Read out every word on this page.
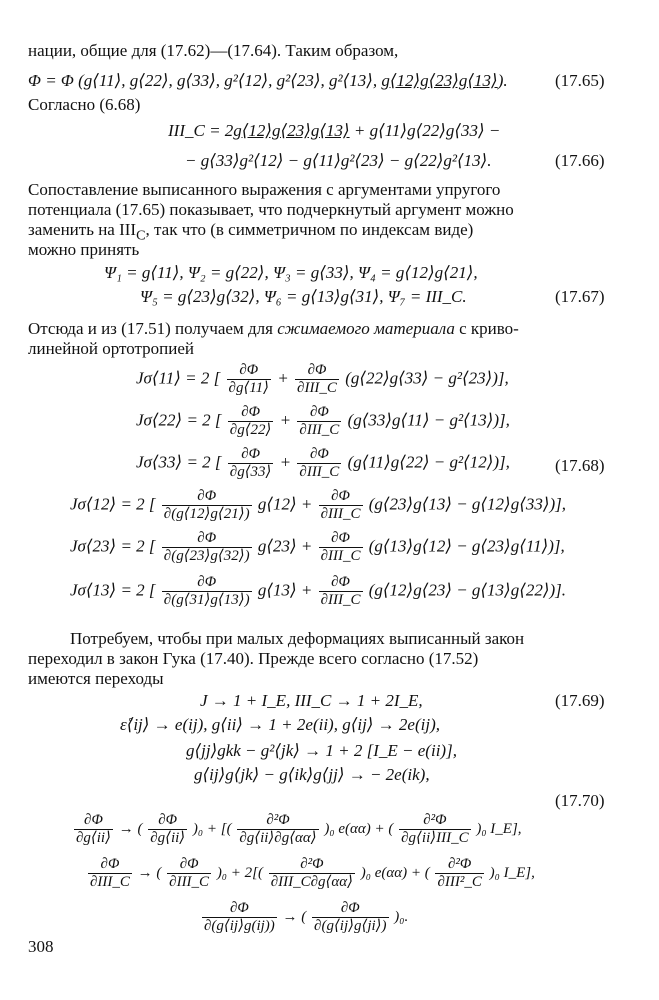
нации, общие для (17.62)—(17.64). Таким образом,
Φ = Φ (g⟨11⟩, g⟨22⟩, g⟨33⟩, g²⟨12⟩, g²⟨23⟩, g²⟨13⟩, g⟨12⟩g⟨23⟩g⟨13⟩).	(17.65)
Согласно (6.68)
III_C = 2g⟨12⟩g⟨23⟩g⟨13⟩ + g⟨11⟩g⟨22⟩g⟨33⟩ −
− g⟨33⟩g²⟨12⟩ − g⟨11⟩g²⟨23⟩ − g⟨22⟩g²⟨13⟩.	(17.66)
Сопоставление выписанного выражения с аргументами упругого
потенциала (17.65) показывает, что подчеркнутый аргумент можно
заменить на $III_C$, так что (в симметричном по индексам виде)
можно принять
Ψ₁ = g⟨11⟩, Ψ₂ = g⟨22⟩, Ψ₃ = g⟨33⟩, Ψ₄ = g⟨12⟩g⟨21⟩,
Ψ₅ = g⟨23⟩g⟨32⟩, Ψ₆ = g⟨13⟩g⟨31⟩, Ψ₇ = III_C.	(17.67)
Отсюда и из (17.51) получаем для сжимаемого материала с криво-
линейной ортотропией
Jσ⟨11⟩ = 2 [ $\frac{\partial\Phi}{\partial g⟨11⟩} + \frac{\partial\Phi}{\text{∂III\_C}}$ (g⟨22⟩g⟨33⟩ − g²⟨23⟩)],
Jσ⟨22⟩ = 2 [ $\frac{\partial\Phi}{\partial g⟨22⟩} + \frac{\partial\Phi}{\text{∂III\_C}}$ (g⟨33⟩g⟨11⟩ − g²⟨13⟩)],
Jσ⟨33⟩ = 2 [ $\frac{\partial\Phi}{\partial g⟨33⟩} + \frac{\partial\Phi}{\text{∂III\_C}}$ (g⟨11⟩g⟨22⟩ − g²⟨12⟩)],	(17.68)
Jσ⟨12⟩ = 2 [ $\frac{\partial\Phi}{\partial(g⟨12⟩g⟨21⟩)}$ g⟨12⟩ + $\frac{\partial\Phi}{\text{∂III\_C}}$ (g⟨23⟩g⟨13⟩ − g⟨12⟩g⟨33⟩)],
Jσ⟨23⟩ = 2 [ $\frac{\partial\Phi}{\partial(g⟨23⟩g⟨32⟩)}$ g⟨23⟩ + $\frac{\partial\Phi}{\text{∂III\_C}}$ (g⟨13⟩g⟨12⟩ − g⟨23⟩g⟨11⟩)],
Jσ⟨13⟩ = 2 [ $\frac{\partial\Phi}{\partial(g⟨31⟩g⟨13⟩)}$ g⟨13⟩ + $\frac{\partial\Phi}{\text{∂III\_C}}$ (g⟨12⟩g⟨23⟩ − g⟨13⟩g⟨22⟩)].
Потребуем, чтобы при малых деформациях выписанный закон
переходил в закон Гука (17.40). Прежде всего согласно (17.52)
имеются переходы
J → 1 + I_E, III_C → 1 + 2I_E,	(17.69)
ε̊⟨ij⟩ → e(ij), g⟨ii⟩ → 1 + 2e(ii), g⟨ij⟩ → 2e(ij),
g⟨jj⟩gkk − g²⟨jk⟩ → 1 + 2 [I_E − e(ii)],
g⟨ij⟩g⟨jk⟩ − g⟨ik⟩g⟨jj⟩ → − 2e(ik),
(17.70)
$\frac{\partial\Phi}{\partial g⟨ii⟩}$ → ( $\frac{\partial\Phi}{\partial g⟨ii⟩} )_0$ + [( $\frac{\text{∂²Φ}}{\partial g⟨ii⟩\partial g⟨\alpha\alpha⟩} )_0$ e(αα) + ( $\frac{\text{∂²Φ}}{\text{∂g⟨ii⟩III\_C}} )_0$ I_E],
$\frac{\partial\Phi}{\text{∂III\_C}}$ → ( $\frac{\partial\Phi}{\text{∂III\_C}} )_0 + 2[( \frac{\text{∂²Φ}}{\text{∂III\_C∂g⟨αα⟩}} )_0$ e(αα) + ( $\frac{\text{∂²Φ}}{\text{∂III²\_C}} )_0$ I_E],
$\frac{\partial\Phi}{\partial(g⟨ij⟩g(ij))}$ → ( $\frac{\partial\Phi}{\partial(g⟨ij⟩g⟨ji⟩)} )_0$.
308
